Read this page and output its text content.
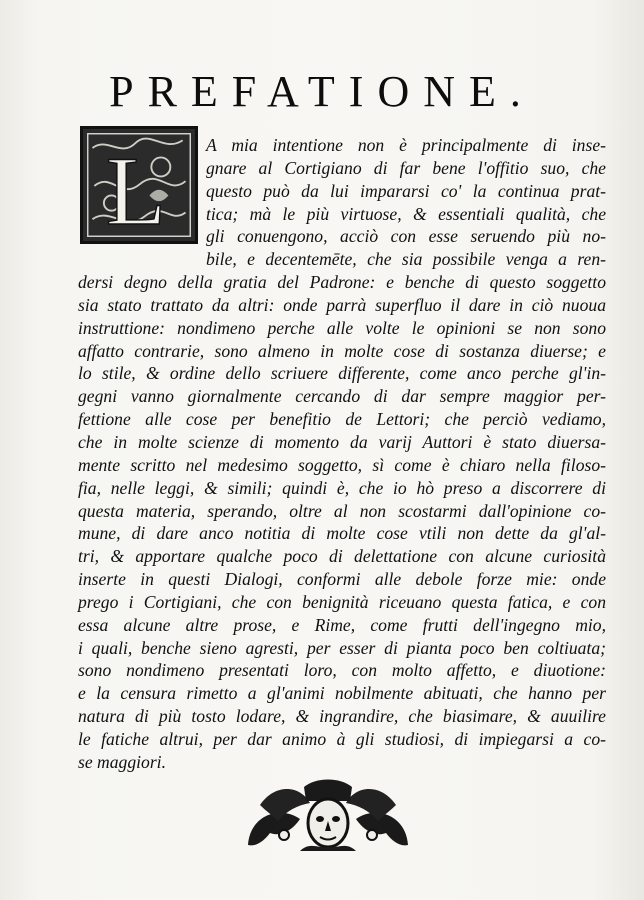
PREFATIONE.
L	A mia intentione non è principalmente di inse-
gnare al Cortigiano di far bene l'offitio suo, che
questo può da lui impararsi co' la continua prat-
tica; mà le più virtuose, & essentiali qualità, che
gli conuengono, acciò con esse seruendo più no-
bile, e decentemēte, che sia possibile venga a ren-
dersi degno della gratia del Padrone: e benche di questo soggetto
sia stato trattato da altri: onde parrà superfluo il dare in ciò nuoua
instruttione: nondimeno perche alle volte le opinioni se non sono
affatto contrarie, sono almeno in molte cose di sostanza diuerse; e
lo stile, & ordine dello scriuere differente, come anco perche gl'in-
gegni vanno giornalmente cercando di dar sempre maggior per-
fettione alle cose per benefitio de Lettori; che perciò vediamo,
che in molte scienze di momento da varij Auttori è stato diuersa-
mente scritto nel medesimo soggetto, sì come è chiaro nella filoso-
fia, nelle leggi, & simili; quindi è, che io hò preso a discorrere di
questa materia, sperando, oltre al non scostarmi dall'opinione co-
mune, di dare anco notitia di molte cose vtili non dette da gl'al-
tri, & apportare qualche poco di delettatione con alcune curiosità
inserte in questi Dialogi, conformi alle debole forze mie: onde
prego i Cortigiani, che con benignità riceuano questa fatica, e con
essa alcune altre prose, e Rime, come frutti dell'ingegno mio,
i quali, benche sieno agresti, per esser di pianta poco ben coltiuata;
sono nondimeno presentati loro, con molto affetto, e diuotione:
e la censura rimetto a gl'animi nobilmente abituati, che hanno per
natura di più tosto lodare, & ingrandire, che biasimare, & auuilire
le fatiche altrui, per dar animo à gli studiosi, di impiegarsi a co-
se maggiori.
